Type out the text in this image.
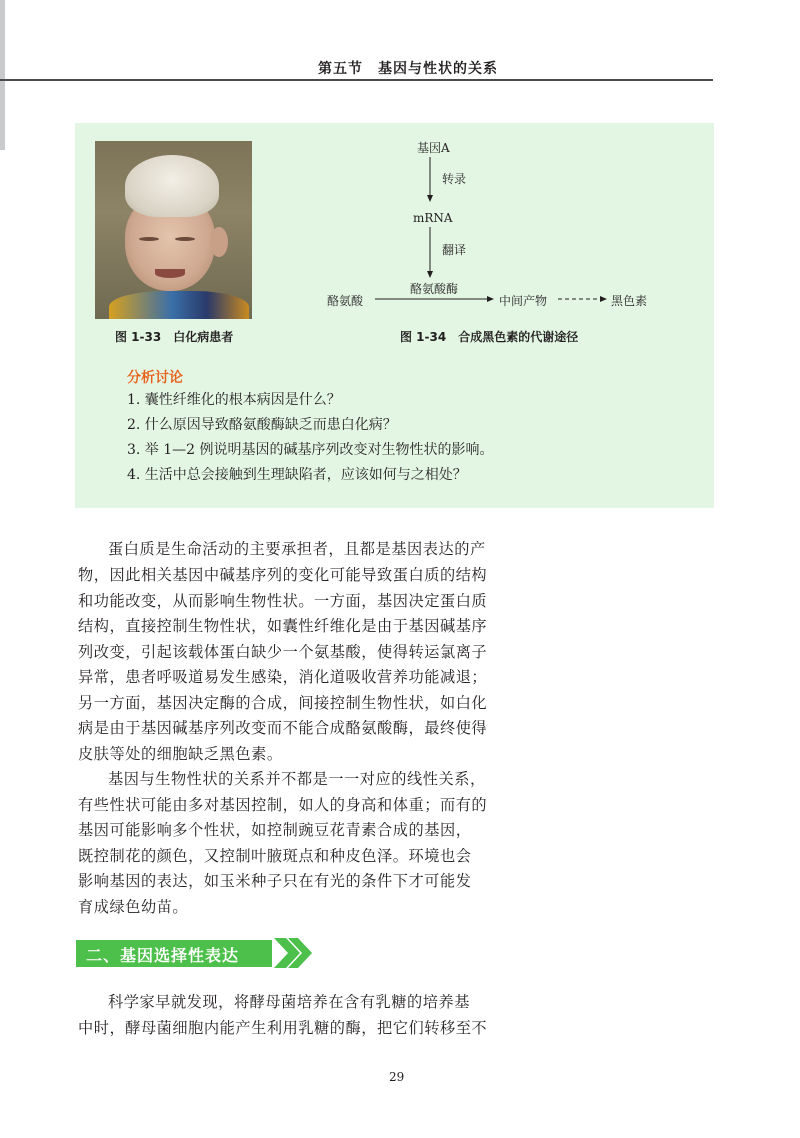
第五节　基因与性状的关系
基因A
转录
mRNA
翻译
酪氨酸酶
酪氨酸	中间产物	黑色素
图 1-33　白化病患者	图 1-34　合成黑色素的代谢途径
分析讨论
1. 囊性纤维化的根本病因是什么？
2. 什么原因导致酪氨酸酶缺乏而患白化病？
3. 举 1—2 例说明基因的碱基序列改变对生物性状的影响。
4. 生活中总会接触到生理缺陷者，应该如何与之相处？
蛋白质是生命活动的主要承担者，且都是基因表达的产
物，因此相关基因中碱基序列的变化可能导致蛋白质的结构
和功能改变，从而影响生物性状。一方面，基因决定蛋白质
结构，直接控制生物性状，如囊性纤维化是由于基因碱基序
列改变，引起该载体蛋白缺少一个氨基酸，使得转运氯离子
异常，患者呼吸道易发生感染，消化道吸收营养功能减退；
另一方面，基因决定酶的合成，间接控制生物性状，如白化
病是由于基因碱基序列改变而不能合成酪氨酸酶，最终使得
皮肤等处的细胞缺乏黑色素。
基因与生物性状的关系并不都是一一对应的线性关系，
有些性状可能由多对基因控制，如人的身高和体重；而有的
基因可能影响多个性状，如控制豌豆花青素合成的基因，
既控制花的颜色，又控制叶腋斑点和种皮色泽。环境也会
影响基因的表达，如玉米种子只在有光的条件下才可能发
育成绿色幼苗。
二、基因选择性表达
科学家早就发现，将酵母菌培养在含有乳糖的培养基
中时，酵母菌细胞内能产生利用乳糖的酶，把它们转移至不
29
